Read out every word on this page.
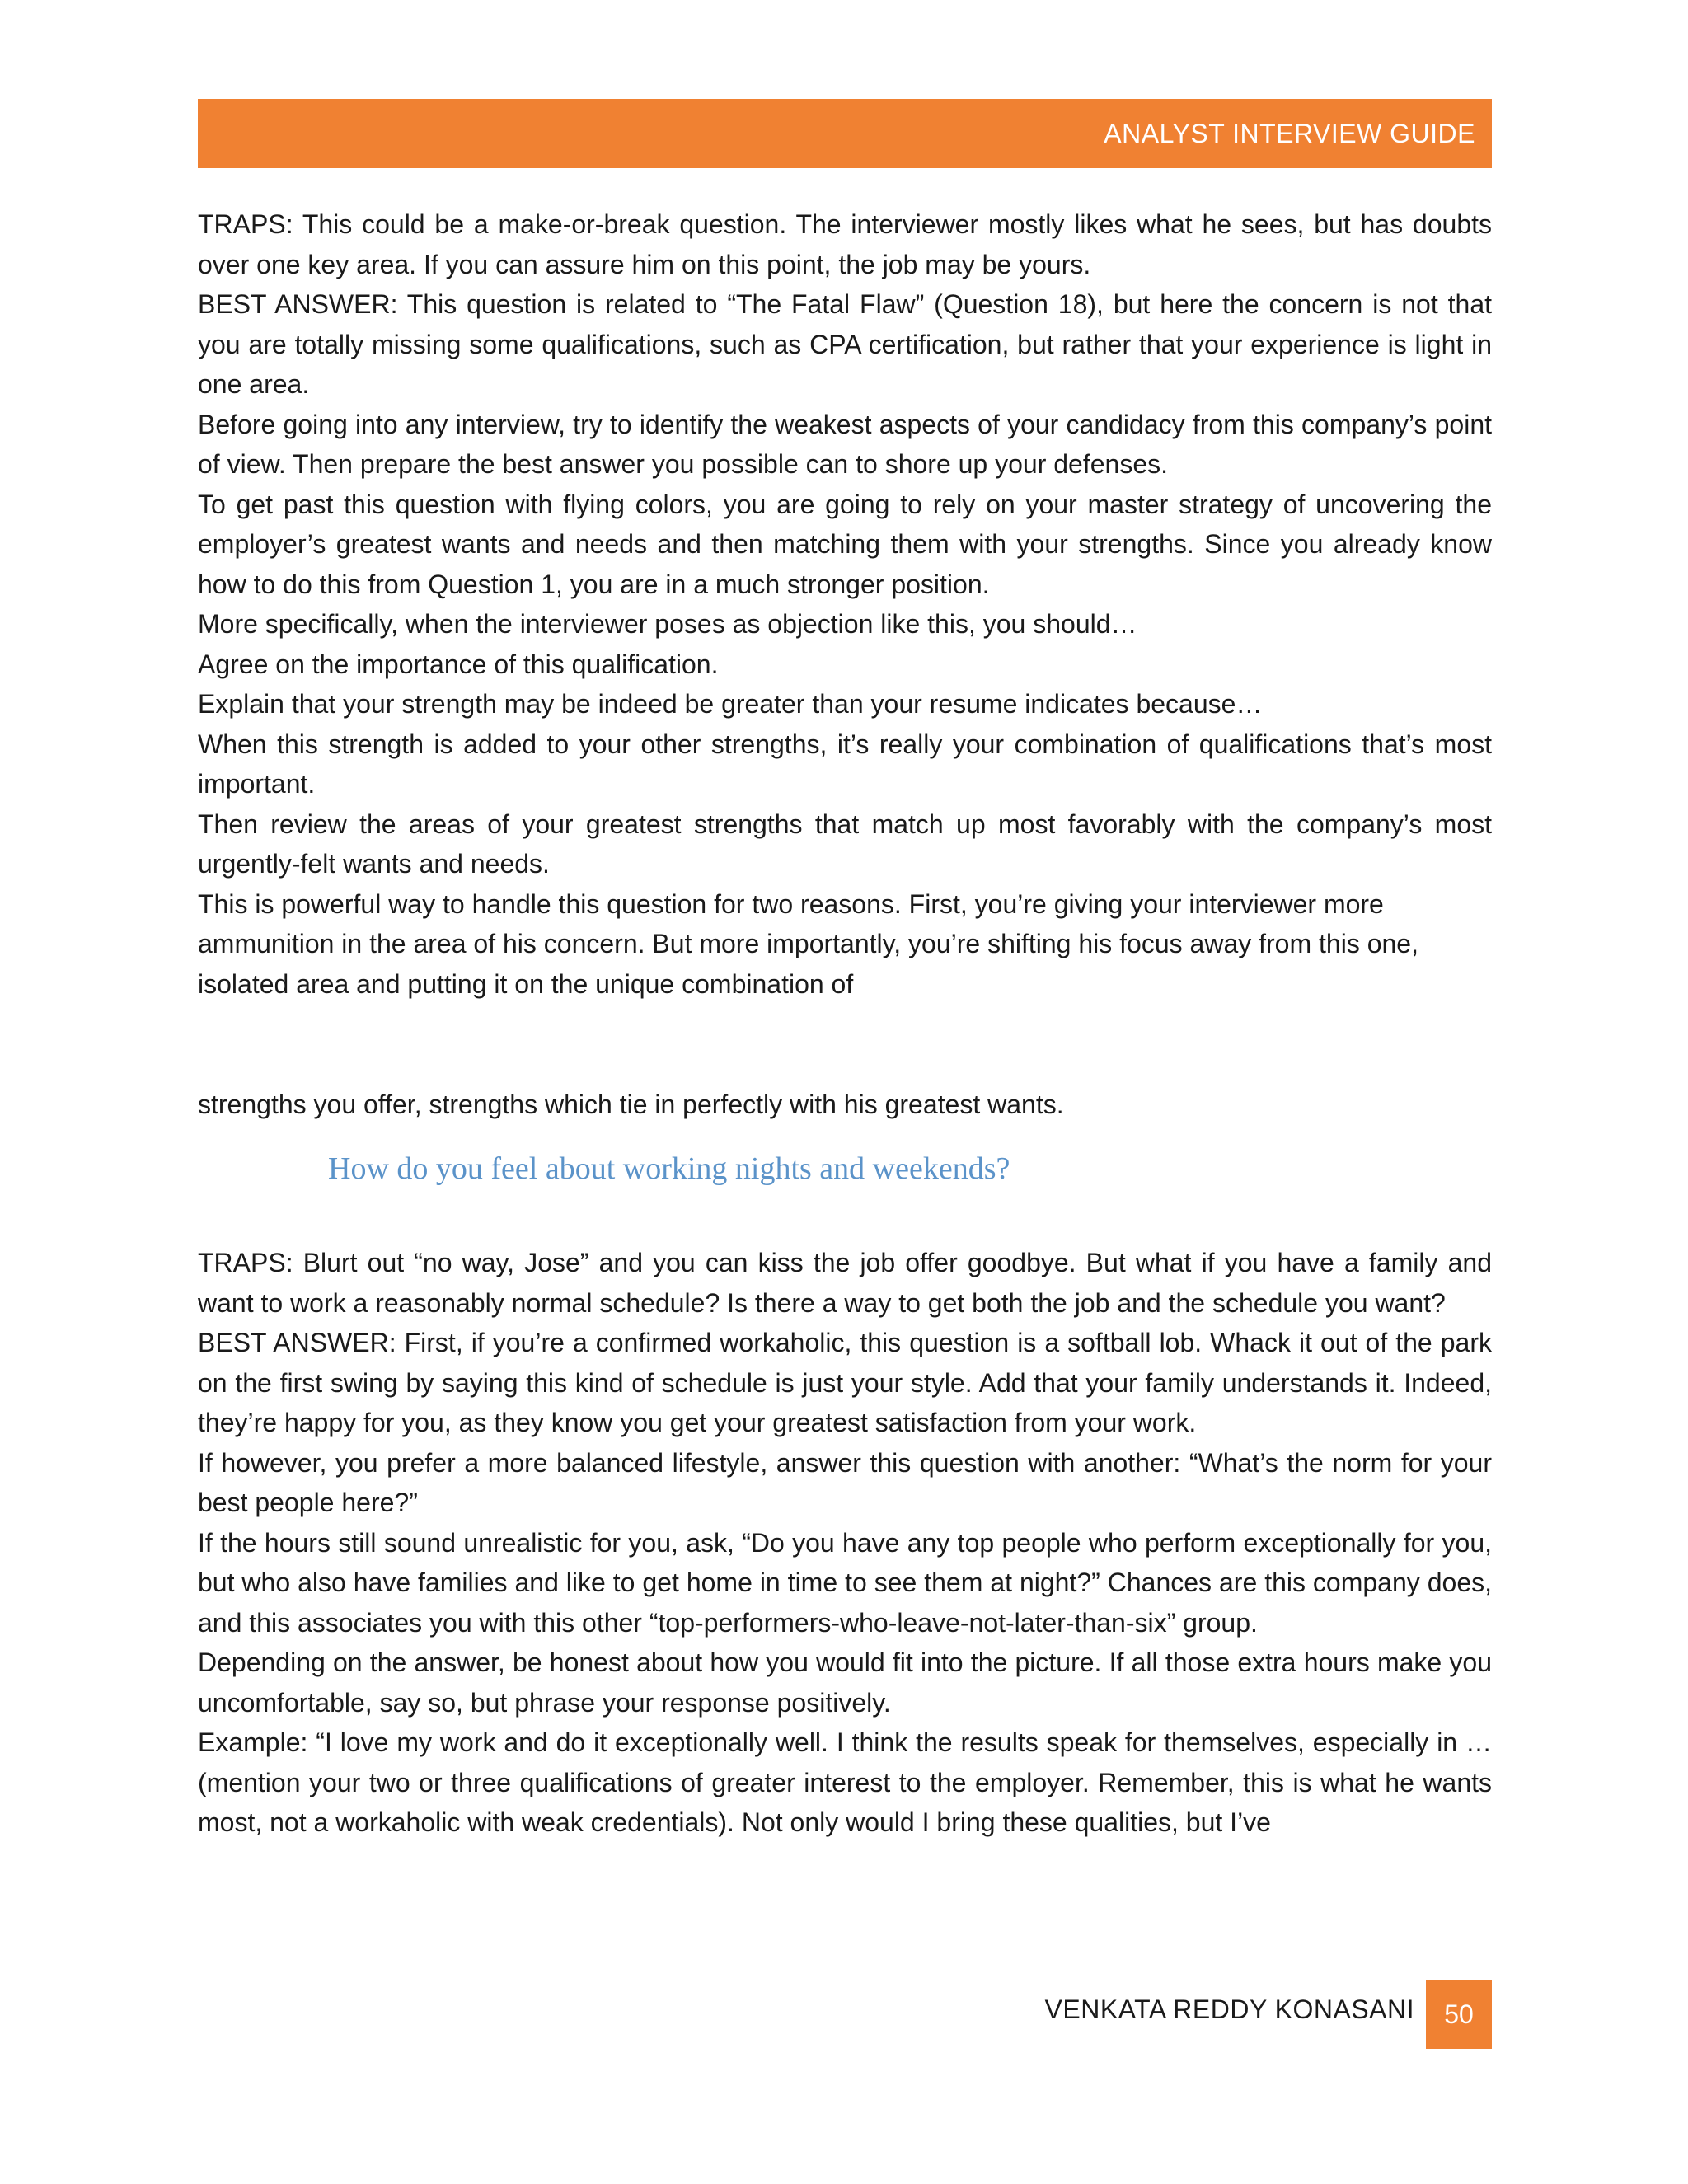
ANALYST INTERVIEW GUIDE

TRAPS: This could be a make-or-break question. The interviewer mostly likes what he sees, but has doubts over one key area. If you can assure him on this point, the job may be yours.

BEST ANSWER: This question is related to “The Fatal Flaw” (Question 18), but here the concern is not that you are totally missing some qualifications, such as CPA certification, but rather that your experience is light in one area.

Before going into any interview, try to identify the weakest aspects of your candidacy from this company’s point of view. Then prepare the best answer you possible can to shore up your defenses.

To get past this question with flying colors, you are going to rely on your master strategy of uncovering the employer’s greatest wants and needs and then matching them with your strengths. Since you already know how to do this from Question 1, you are in a much stronger position.

More specifically, when the interviewer poses as objection like this, you should…

Agree on the importance of this qualification.

Explain that your strength may be indeed be greater than your resume indicates because…

When this strength is added to your other strengths, it’s really your combination of qualifications that’s most important.

Then review the areas of your greatest strengths that match up most favorably with the company’s most urgently-felt wants and needs.

This is powerful way to handle this question for two reasons. First, you’re giving your interviewer more ammunition in the area of his concern. But more importantly, you’re shifting his focus away from this one, isolated area and putting it on the unique combination of

strengths you offer, strengths which tie in perfectly with his greatest wants.

How do you feel about working nights and weekends?

TRAPS: Blurt out “no way, Jose” and you can kiss the job offer goodbye. But what if you have a family and want to work a reasonably normal schedule? Is there a way to get both the job and the schedule you want?

BEST ANSWER: First, if you’re a confirmed workaholic, this question is a softball lob. Whack it out of the park on the first swing by saying this kind of schedule is just your style. Add that your family understands it. Indeed, they’re happy for you, as they know you get your greatest satisfaction from your work.

If however, you prefer a more balanced lifestyle, answer this question with another: “What’s the norm for your best people here?”

If the hours still sound unrealistic for you, ask, “Do you have any top people who perform exceptionally for you, but who also have families and like to get home in time to see them at night?” Chances are this company does, and this associates you with this other “top-performers-who-leave-not-later-than-six” group.

Depending on the answer, be honest about how you would fit into the picture. If all those extra hours make you uncomfortable, say so, but phrase your response positively.

Example: “I love my work and do it exceptionally well. I think the results speak for themselves, especially in …(mention your two or three qualifications of greater interest to the employer. Remember, this is what he wants most, not a workaholic with weak credentials). Not only would I bring these qualities, but I’ve

VENKATA REDDY KONASANI 50
